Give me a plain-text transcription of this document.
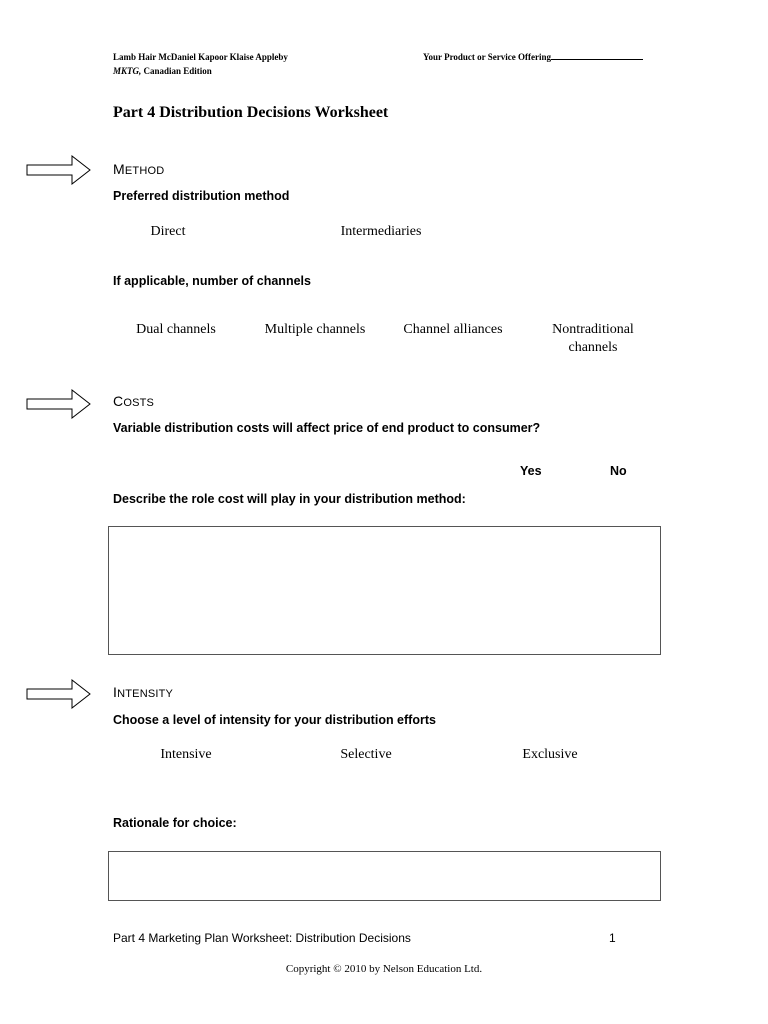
Lamb Hair McDaniel Kapoor Klaise Appleby
MKTG, Canadian Edition
Your Product or Service Offering
Part 4 Distribution Decisions Worksheet
METHOD
Preferred distribution method
Direct	Intermediaries
If applicable, number of channels
Dual channels	Multiple channels	Channel alliances	Nontraditional channels
COSTS
Variable distribution costs will affect price of end product to consumer?
Yes	No
Describe the role cost will play in your distribution method:
INTENSITY
Choose a level of intensity for your distribution efforts
Intensive	Selective	Exclusive
Rationale for choice:
Part 4 Marketing Plan Worksheet: Distribution Decisions	1
Copyright © 2010 by Nelson Education Ltd.
